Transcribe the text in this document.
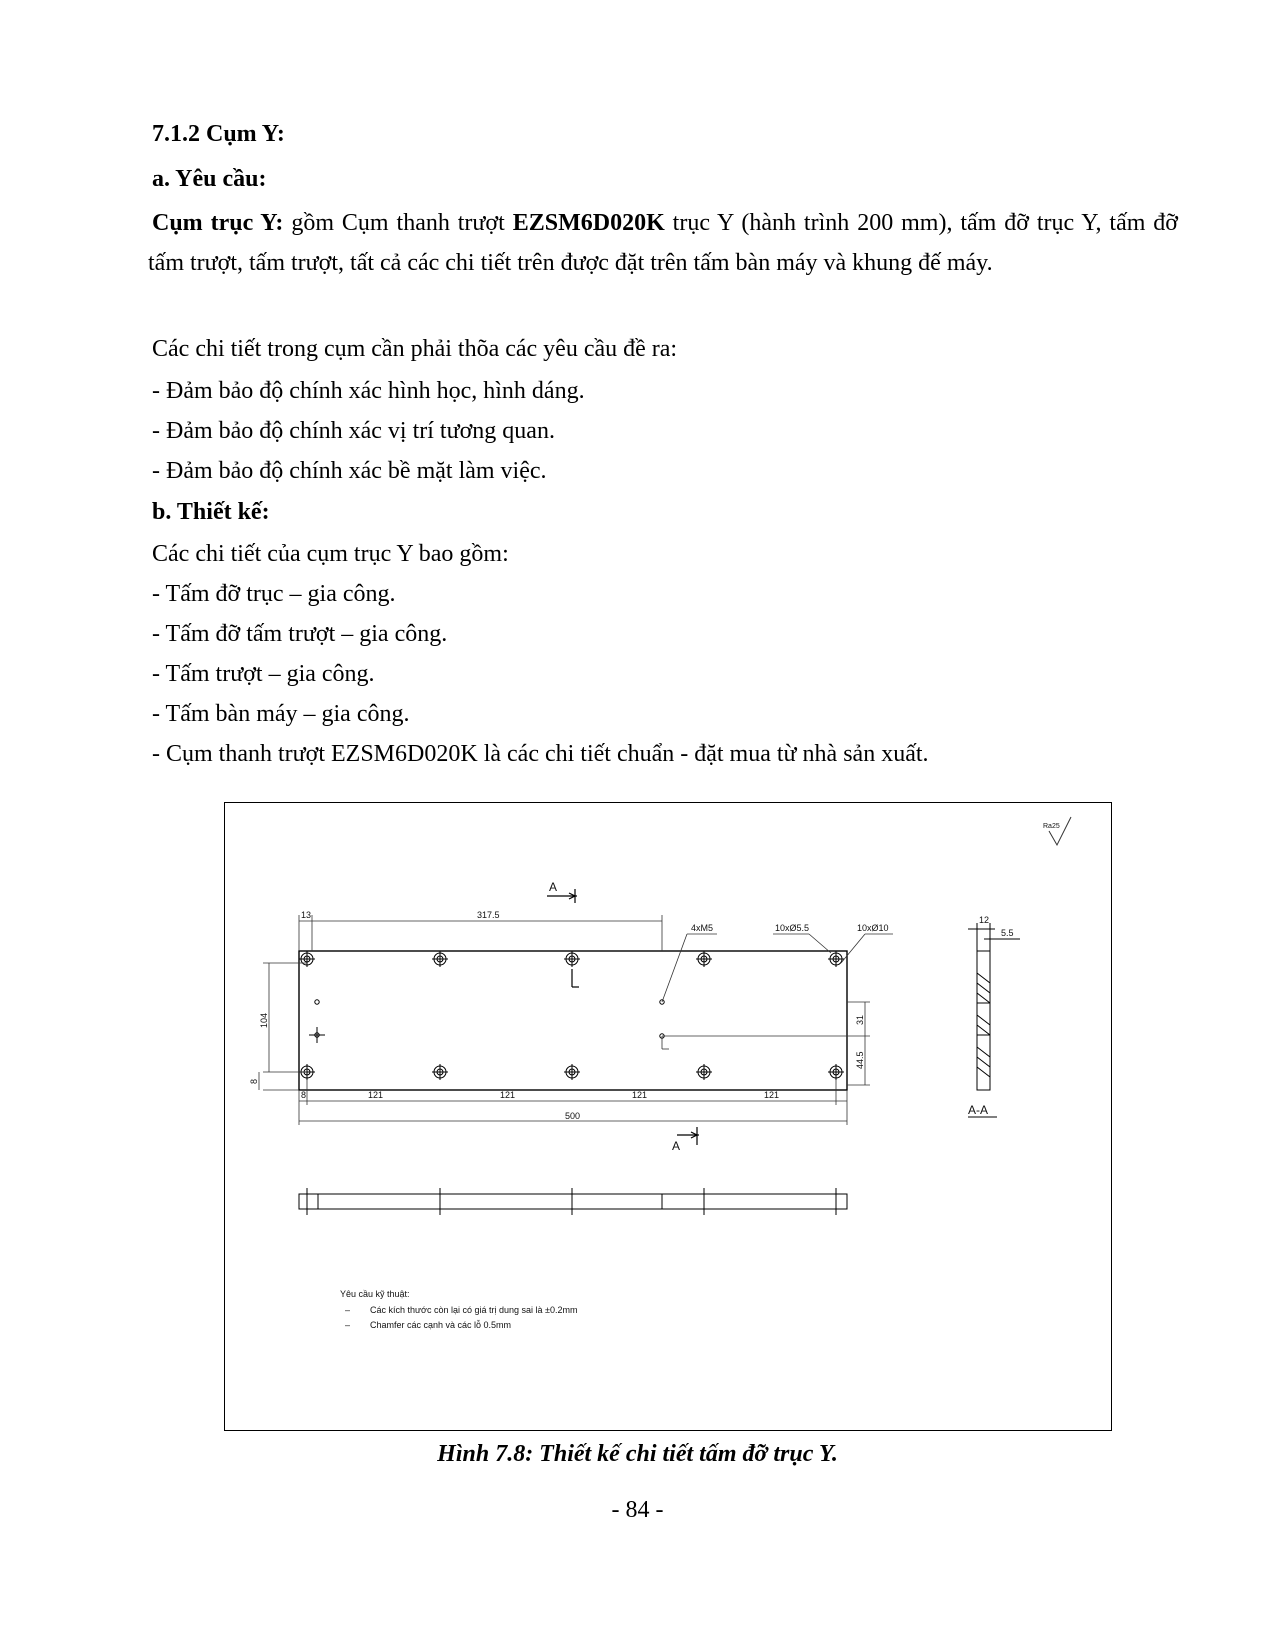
7.1.2 Cụm Y:
a. Yêu cầu:
Cụm trục Y: gồm Cụm thanh trượt EZSM6D020K trục Y (hành trình 200 mm), tấm đỡ trục Y, tấm đỡ tấm trượt, tấm trượt, tất cả các chi tiết trên được đặt trên tấm bàn máy và khung đế máy.
Các chi tiết trong cụm cần phải thõa các yêu cầu đề ra:
- Đảm bảo độ chính xác hình học, hình dáng.
- Đảm bảo độ chính xác vị trí tương quan.
- Đảm bảo độ chính xác bề mặt làm việc.
b. Thiết kế:
Các chi tiết của cụm trục Y bao gồm:
- Tấm đỡ trục – gia công.
- Tấm đỡ tấm trượt – gia công.
- Tấm trượt – gia công.
- Tấm bàn máy – gia công.
- Cụm thanh trượt EZSM6D020K là các chi tiết chuẩn - đặt mua từ nhà sản xuất.
Ra25
13	317.5
A
104
8
8	121	121	121	121
500
31
44.5
4xM5	10xØ5.5	10xØ10
A
12
5.5
A-A
Yêu cầu kỹ thuật:
– Các kích thước còn lại có giá trị dung sai là ±0.2mm
– Chamfer các cạnh và các lỗ 0.5mm
Hình 7.8: Thiết kế chi tiết tấm đỡ trục Y.
- 84 -
